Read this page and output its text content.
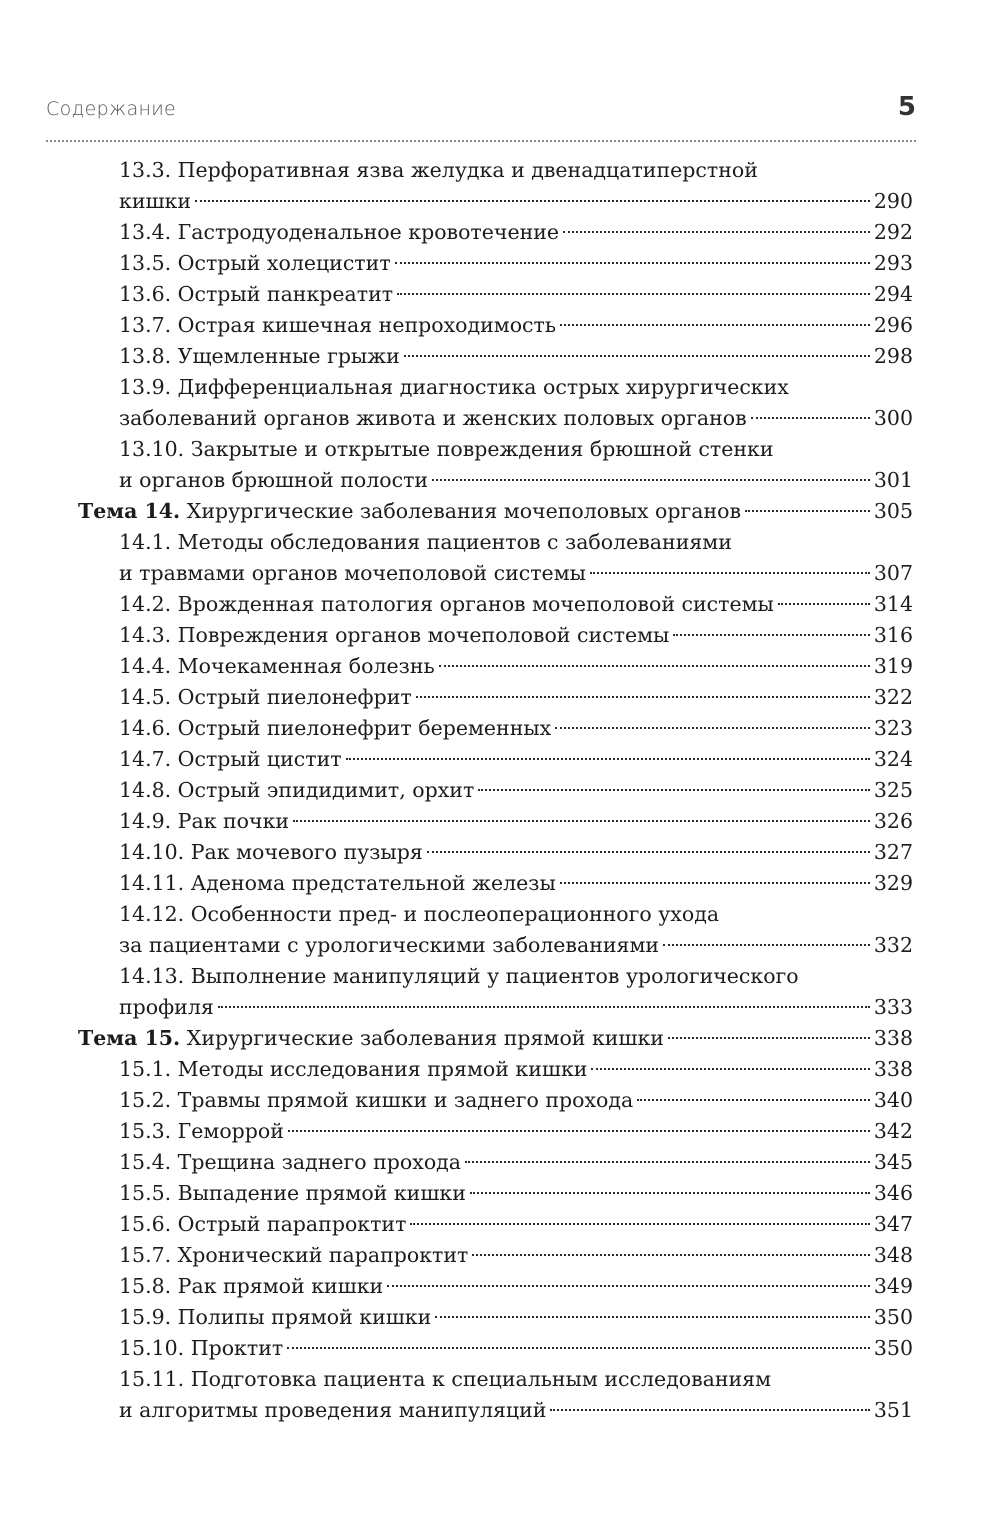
Содержание	5
13.3. Перфоративная язва желудка и двенадцатиперстной
кишки	290
13.4. Гастродуоденальное кровотечение	292
13.5. Острый холецистит	293
13.6. Острый панкреатит	294
13.7. Острая кишечная непроходимость	296
13.8. Ущемленные грыжи	298
13.9. Дифференциальная диагностика острых хирургических
заболеваний органов живота и женских половых органов	300
13.10. Закрытые и открытые повреждения брюшной стенки
и органов брюшной полости	301
Тема 14. Хирургические заболевания мочеполовых органов	305
14.1. Методы обследования пациентов с заболеваниями
и травмами органов мочеполовой системы	307
14.2. Врожденная патология органов мочеполовой системы	314
14.3. Повреждения органов мочеполовой системы	316
14.4. Мочекаменная болезнь	319
14.5. Острый пиелонефрит	322
14.6. Острый пиелонефрит беременных	323
14.7. Острый цистит	324
14.8. Острый эпидидимит, орхит	325
14.9. Рак почки	326
14.10. Рак мочевого пузыря	327
14.11. Аденома предстательной железы	329
14.12. Особенности пред- и послеоперационного ухода
за пациентами с урологическими заболеваниями	332
14.13. Выполнение манипуляций у пациентов урологического
профиля	333
Тема 15. Хирургические заболевания прямой кишки	338
15.1. Методы исследования прямой кишки	338
15.2. Травмы прямой кишки и заднего прохода	340
15.3. Геморрой	342
15.4. Трещина заднего прохода	345
15.5. Выпадение прямой кишки	346
15.6. Острый парапроктит	347
15.7. Хронический парапроктит	348
15.8. Рак прямой кишки	349
15.9. Полипы прямой кишки	350
15.10. Проктит	350
15.11. Подготовка пациента к специальным исследованиям
и алгоритмы проведения манипуляций	351
